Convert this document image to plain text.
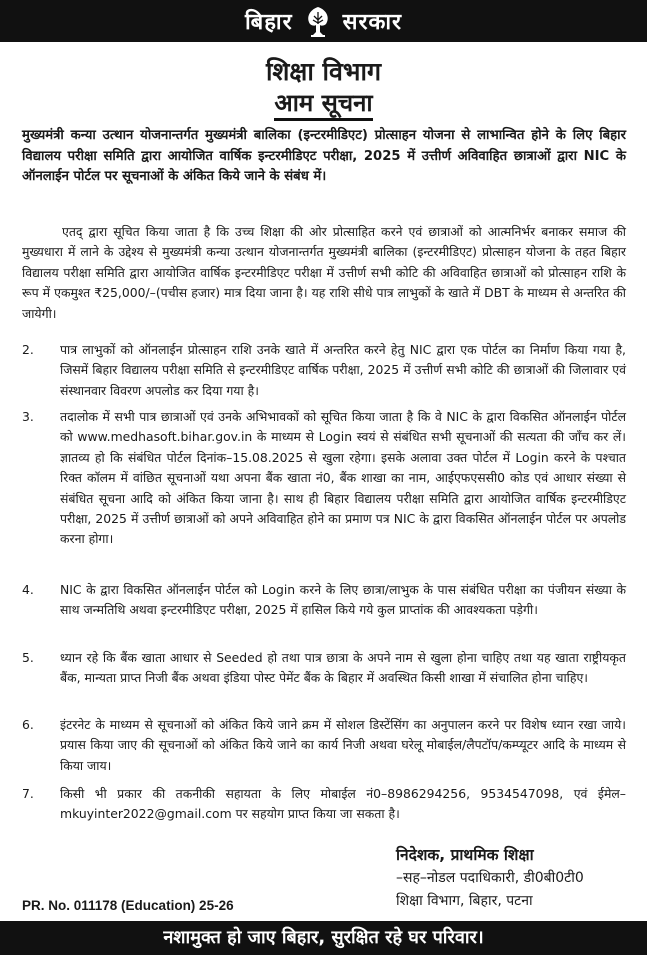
बिहार सरकार
शिक्षा विभाग
आम सूचना
मुख्यमंत्री कन्या उत्थान योजनान्तर्गत मुख्यमंत्री बालिका (इन्टरमीडिएट) प्रोत्साहन योजना से लाभान्वित होने के लिए बिहार विद्यालय परीक्षा समिति द्वारा आयोजित वार्षिक इन्टरमीडिएट परीक्षा, 2025 में उत्तीर्ण अविवाहित छात्राओं द्वारा NIC के ऑनलाईन पोर्टल पर सूचनाओं के अंकित किये जाने के संबंध में।
एतद् द्वारा सूचित किया जाता है कि उच्च शिक्षा की ओर प्रोत्साहित करने एवं छात्राओं को आत्मनिर्भर बनाकर समाज की मुख्यधारा में लाने के उद्देश्य से मुख्यमंत्री कन्या उत्थान योजनान्तर्गत मुख्यमंत्री बालिका (इन्टरमीडिएट) प्रोत्साहन योजना के तहत बिहार विद्यालय परीक्षा समिति द्वारा आयोजित वार्षिक इन्टरमीडिएट परीक्षा में उत्तीर्ण सभी कोटि की अविवाहित छात्राओं को प्रोत्साहन राशि के रूप में एकमुश्त ₹25,000/–(पचीस हजार) मात्र दिया जाना है। यह राशि सीधे पात्र लाभुकों के खाते में DBT के माध्यम से अन्तरित की जायेगी।
2.	पात्र लाभुकों को ऑनलाईन प्रोत्साहन राशि उनके खाते में अन्तरित करने हेतु NIC द्वारा एक पोर्टल का निर्माण किया गया है, जिसमें बिहार विद्यालय परीक्षा समिति से इन्टरमीडिएट वार्षिक परीक्षा, 2025 में उत्तीर्ण सभी कोटि की छात्राओं की जिलावार एवं संस्थानवार विवरण अपलोड कर दिया गया है।
3.	तदालोक में सभी पात्र छात्राओं एवं उनके अभिभावकों को सूचित किया जाता है कि वे NIC के द्वारा विकसित ऑनलाईन पोर्टल को www.medhasoft.bihar.gov.in के माध्यम से Login स्वयं से संबंधित सभी सूचनाओं की सत्यता की जाँच कर लें। ज्ञातव्य हो कि संबंधित पोर्टल दिनांक–15.08.2025 से खुला रहेगा। इसके अलावा उक्त पोर्टल में Login करने के पश्चात रिक्त कॉलम में वांछित सूचनाओं यथा अपना बैंक खाता नं0, बैंक शाखा का नाम, आईएफएससी0 कोड एवं आधार संख्या से संबंधित सूचना आदि को अंकित किया जाना है। साथ ही बिहार विद्यालय परीक्षा समिति द्वारा आयोजित वार्षिक इन्टरमीडिएट परीक्षा, 2025 में उत्तीर्ण छात्राओं को अपने अविवाहित होने का प्रमाण पत्र NIC के द्वारा विकसित ऑनलाईन पोर्टल पर अपलोड करना होगा।
4.	NIC के द्वारा विकसित ऑनलाईन पोर्टल को Login करने के लिए छात्रा/लाभुक के पास संबंधित परीक्षा का पंजीयन संख्या के साथ जन्मतिथि अथवा इन्टरमीडिएट परीक्षा, 2025 में हासिल किये गये कुल प्राप्तांक की आवश्यकता पड़ेगी।
5.	ध्यान रहे कि बैंक खाता आधार से Seeded हो तथा पात्र छात्रा के अपने नाम से खुला होना चाहिए तथा यह खाता राष्ट्रीयकृत बैंक, मान्यता प्राप्त निजी बैंक अथवा इंडिया पोस्ट पेमेंट बैंक के बिहार में अवस्थित किसी शाखा में संचालित होना चाहिए।
6.	इंटरनेट के माध्यम से सूचनाओं को अंकित किये जाने क्रम में सोशल डिस्टेंसिंग का अनुपालन करने पर विशेष ध्यान रखा जाये। प्रयास किया जाए की सूचनाओं को अंकित किये जाने का कार्य निजी अथवा घरेलू मोबाईल/लैपटॉप/कम्प्यूटर आदि के माध्यम से किया जाय।
7.	किसी भी प्रकार की तकनीकी सहायता के लिए मोबाईल नं0–8986294256, 9534547098, एवं ईमेल–mkuyinter2022@gmail.com पर सहयोग प्राप्त किया जा सकता है।
निदेशक, प्राथमिक शिक्षा
–सह–नोडल पदाधिकारी, डी0बी0टी0
शिक्षा विभाग, बिहार, पटना
PR. No. 011178 (Education) 25-26
नशामुक्त हो जाए बिहार, सुरक्षित रहे घर परिवार।
